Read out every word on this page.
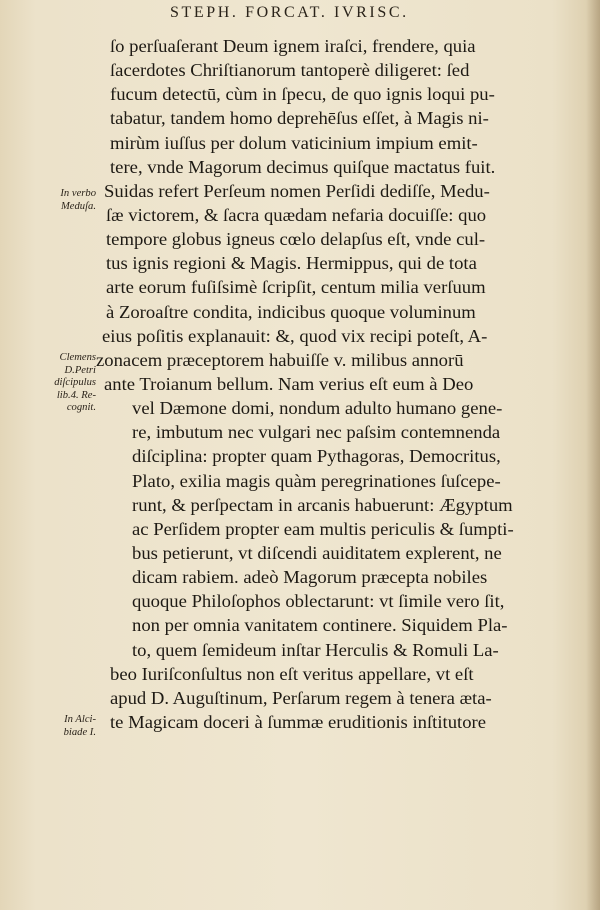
STEPH. FORCAT. IVRISC.
In verbo
Meduſa.
Clemens
D.Petri
diſcipulus
lib.4. Re-
cognit.
In Alci-
biade I.
ſo perſuaſerant Deum ignem iraſci, frendere, quia
ſacerdotes Chriſtianorum tantoperè diligeret: ſed
fucum detectū, cùm in ſpecu, de quo ignis loqui pu-
tabatur, tandem homo deprehēſus eſſet, à Magis ni-
mirùm iuſſus per dolum vaticinium impium emit-
tere, vnde Magorum decimus quiſque mactatus fuit.
Suidas refert Perſeum nomen Perſidi dediſſe, Medu-
ſæ victorem, & ſacra quædam nefaria docuiſſe: quo
tempore globus igneus cœlo delapſus eſt, vnde cul-
tus ignis regioni & Magis. Hermippus, qui de tota
arte eorum fuſiſsimè ſcripſit, centum milia verſuum
à Zoroaſtre condita, indicibus quoque voluminum
eius poſitis explanauit: &, quod vix recipi poteſt, A-
zonacem præceptorem habuiſſe v. milibus annorū
ante Troianum bellum. Nam verius eſt eum à Deo
vel Dæmone domi, nondum adulto humano gene-
re, imbutum nec vulgari nec paſsim contemnenda
diſciplina: propter quam Pythagoras, Democritus,
Plato, exilia magis quàm peregrinationes ſuſcepe-
runt, & perſpectam in arcanis habuerunt: Ægyptum
ac Perſidem propter eam multis periculis & ſumpti-
bus petierunt, vt diſcendi auiditatem explerent, ne
dicam rabiem. adeò Magorum præcepta nobiles
quoque Philoſophos oblectarunt: vt ſimile vero ſit,
non per omnia vanitatem continere. Siquidem Pla-
to, quem ſemideum inſtar Herculis & Romuli La-
beo Iuriſconſultus non eſt veritus appellare, vt eſt
apud D. Auguſtinum, Perſarum regem à tenera æta-
te Magicam doceri à ſummæ eruditionis inſtitutore
